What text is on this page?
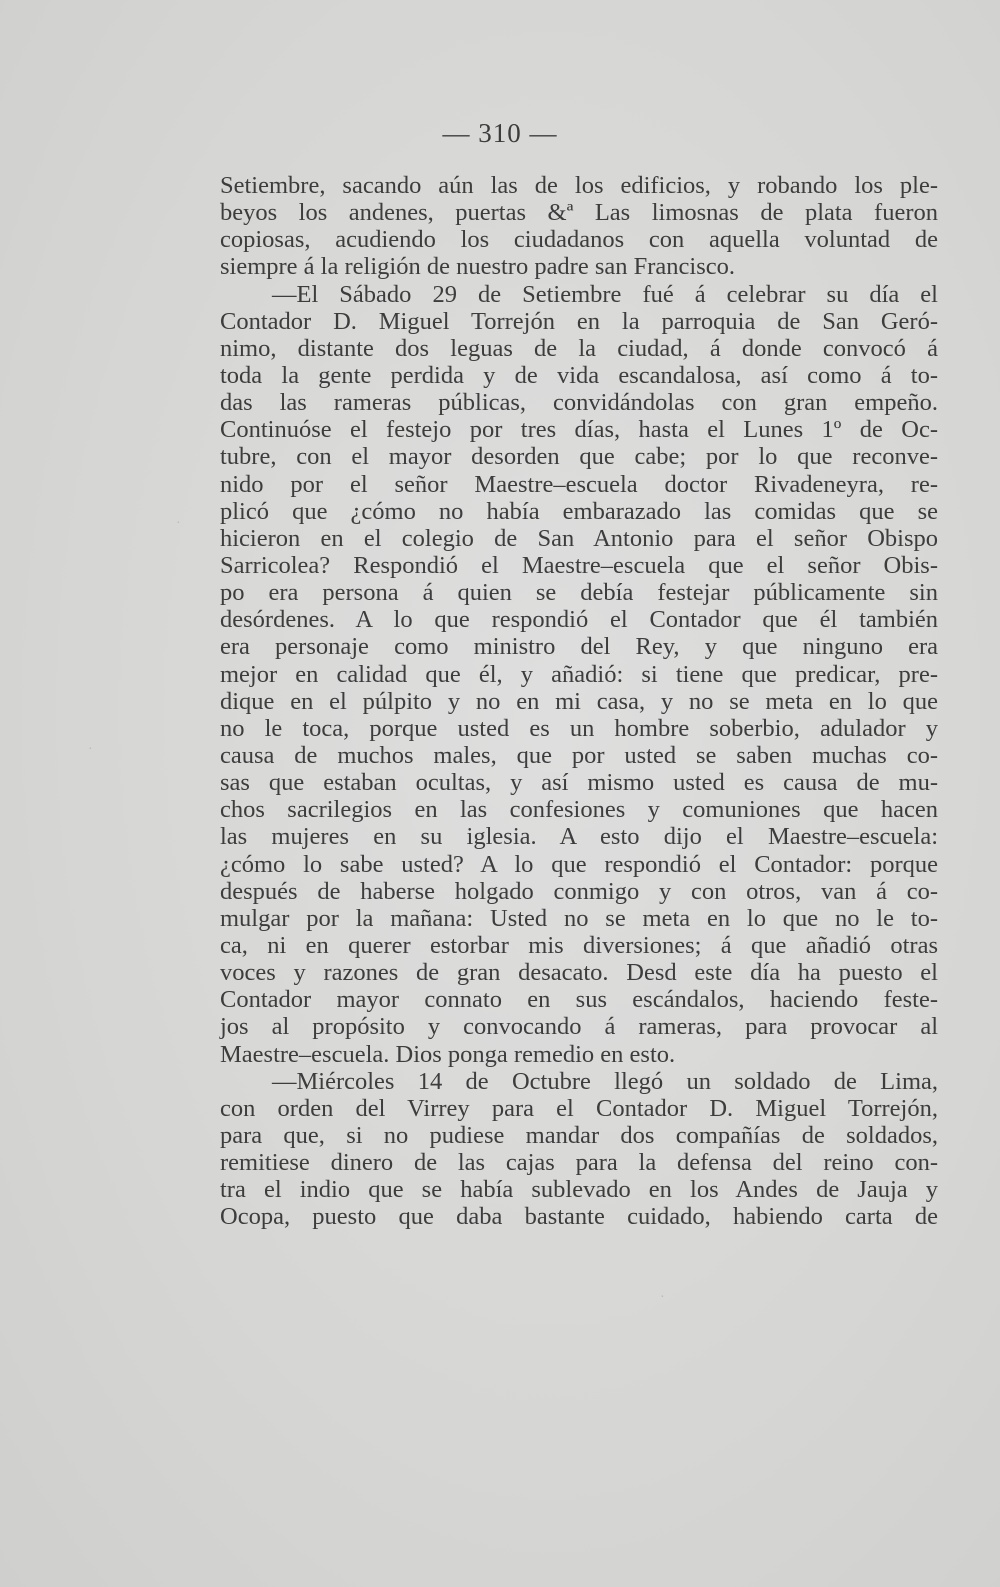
— 310 —
Setiembre, sacando aún las de los edificios, y robando los ple-
beyos los andenes, puertas &ª Las limosnas de plata fueron
copiosas, acudiendo los ciudadanos con aquella voluntad de
siempre á la religión de nuestro padre san Francisco.
—El Sábado 29 de Setiembre fué á celebrar su día el
Contador D. Miguel Torrejón en la parroquia de San Geró-
nimo, distante dos leguas de la ciudad, á donde convocó á
toda la gente perdida y de vida escandalosa, así como á to-
das las rameras públicas, convidándolas con gran empeño.
Continuóse el festejo por tres días, hasta el Lunes 1º de Oc-
tubre, con el mayor desorden que cabe; por lo que reconve-
nido por el señor Maestre–escuela doctor Rivadeneyra, re-
plicó que ¿cómo no había embarazado las comidas que se
hicieron en el colegio de San Antonio para el señor Obispo
Sarricolea? Respondió el Maestre–escuela que el señor Obis-
po era persona á quien se debía festejar públicamente sin
desórdenes. A lo que respondió el Contador que él también
era personaje como ministro del Rey, y que ninguno era
mejor en calidad que él, y añadió: si tiene que predicar, pre-
dique en el púlpito y no en mi casa, y no se meta en lo que
no le toca, porque usted es un hombre soberbio, adulador y
causa de muchos males, que por usted se saben muchas co-
sas que estaban ocultas, y así mismo usted es causa de mu-
chos sacrilegios en las confesiones y comuniones que hacen
las mujeres en su iglesia. A esto dijo el Maestre–escuela:
¿cómo lo sabe usted? A lo que respondió el Contador: porque
después de haberse holgado conmigo y con otros, van á co-
mulgar por la mañana: Usted no se meta en lo que no le to-
ca, ni en querer estorbar mis diversiones; á que añadió otras
voces y razones de gran desacato. Desd este día ha puesto el
Contador mayor connato en sus escándalos, haciendo feste-
jos al propósito y convocando á rameras, para provocar al
Maestre–escuela. Dios ponga remedio en esto.
—Miércoles 14 de Octubre llegó un soldado de Lima,
con orden del Virrey para el Contador D. Miguel Torrejón,
para que, si no pudiese mandar dos compañías de soldados,
remitiese dinero de las cajas para la defensa del reino con-
tra el indio que se había sublevado en los Andes de Jauja y
Ocopa, puesto que daba bastante cuidado, habiendo carta de
·
·
·
